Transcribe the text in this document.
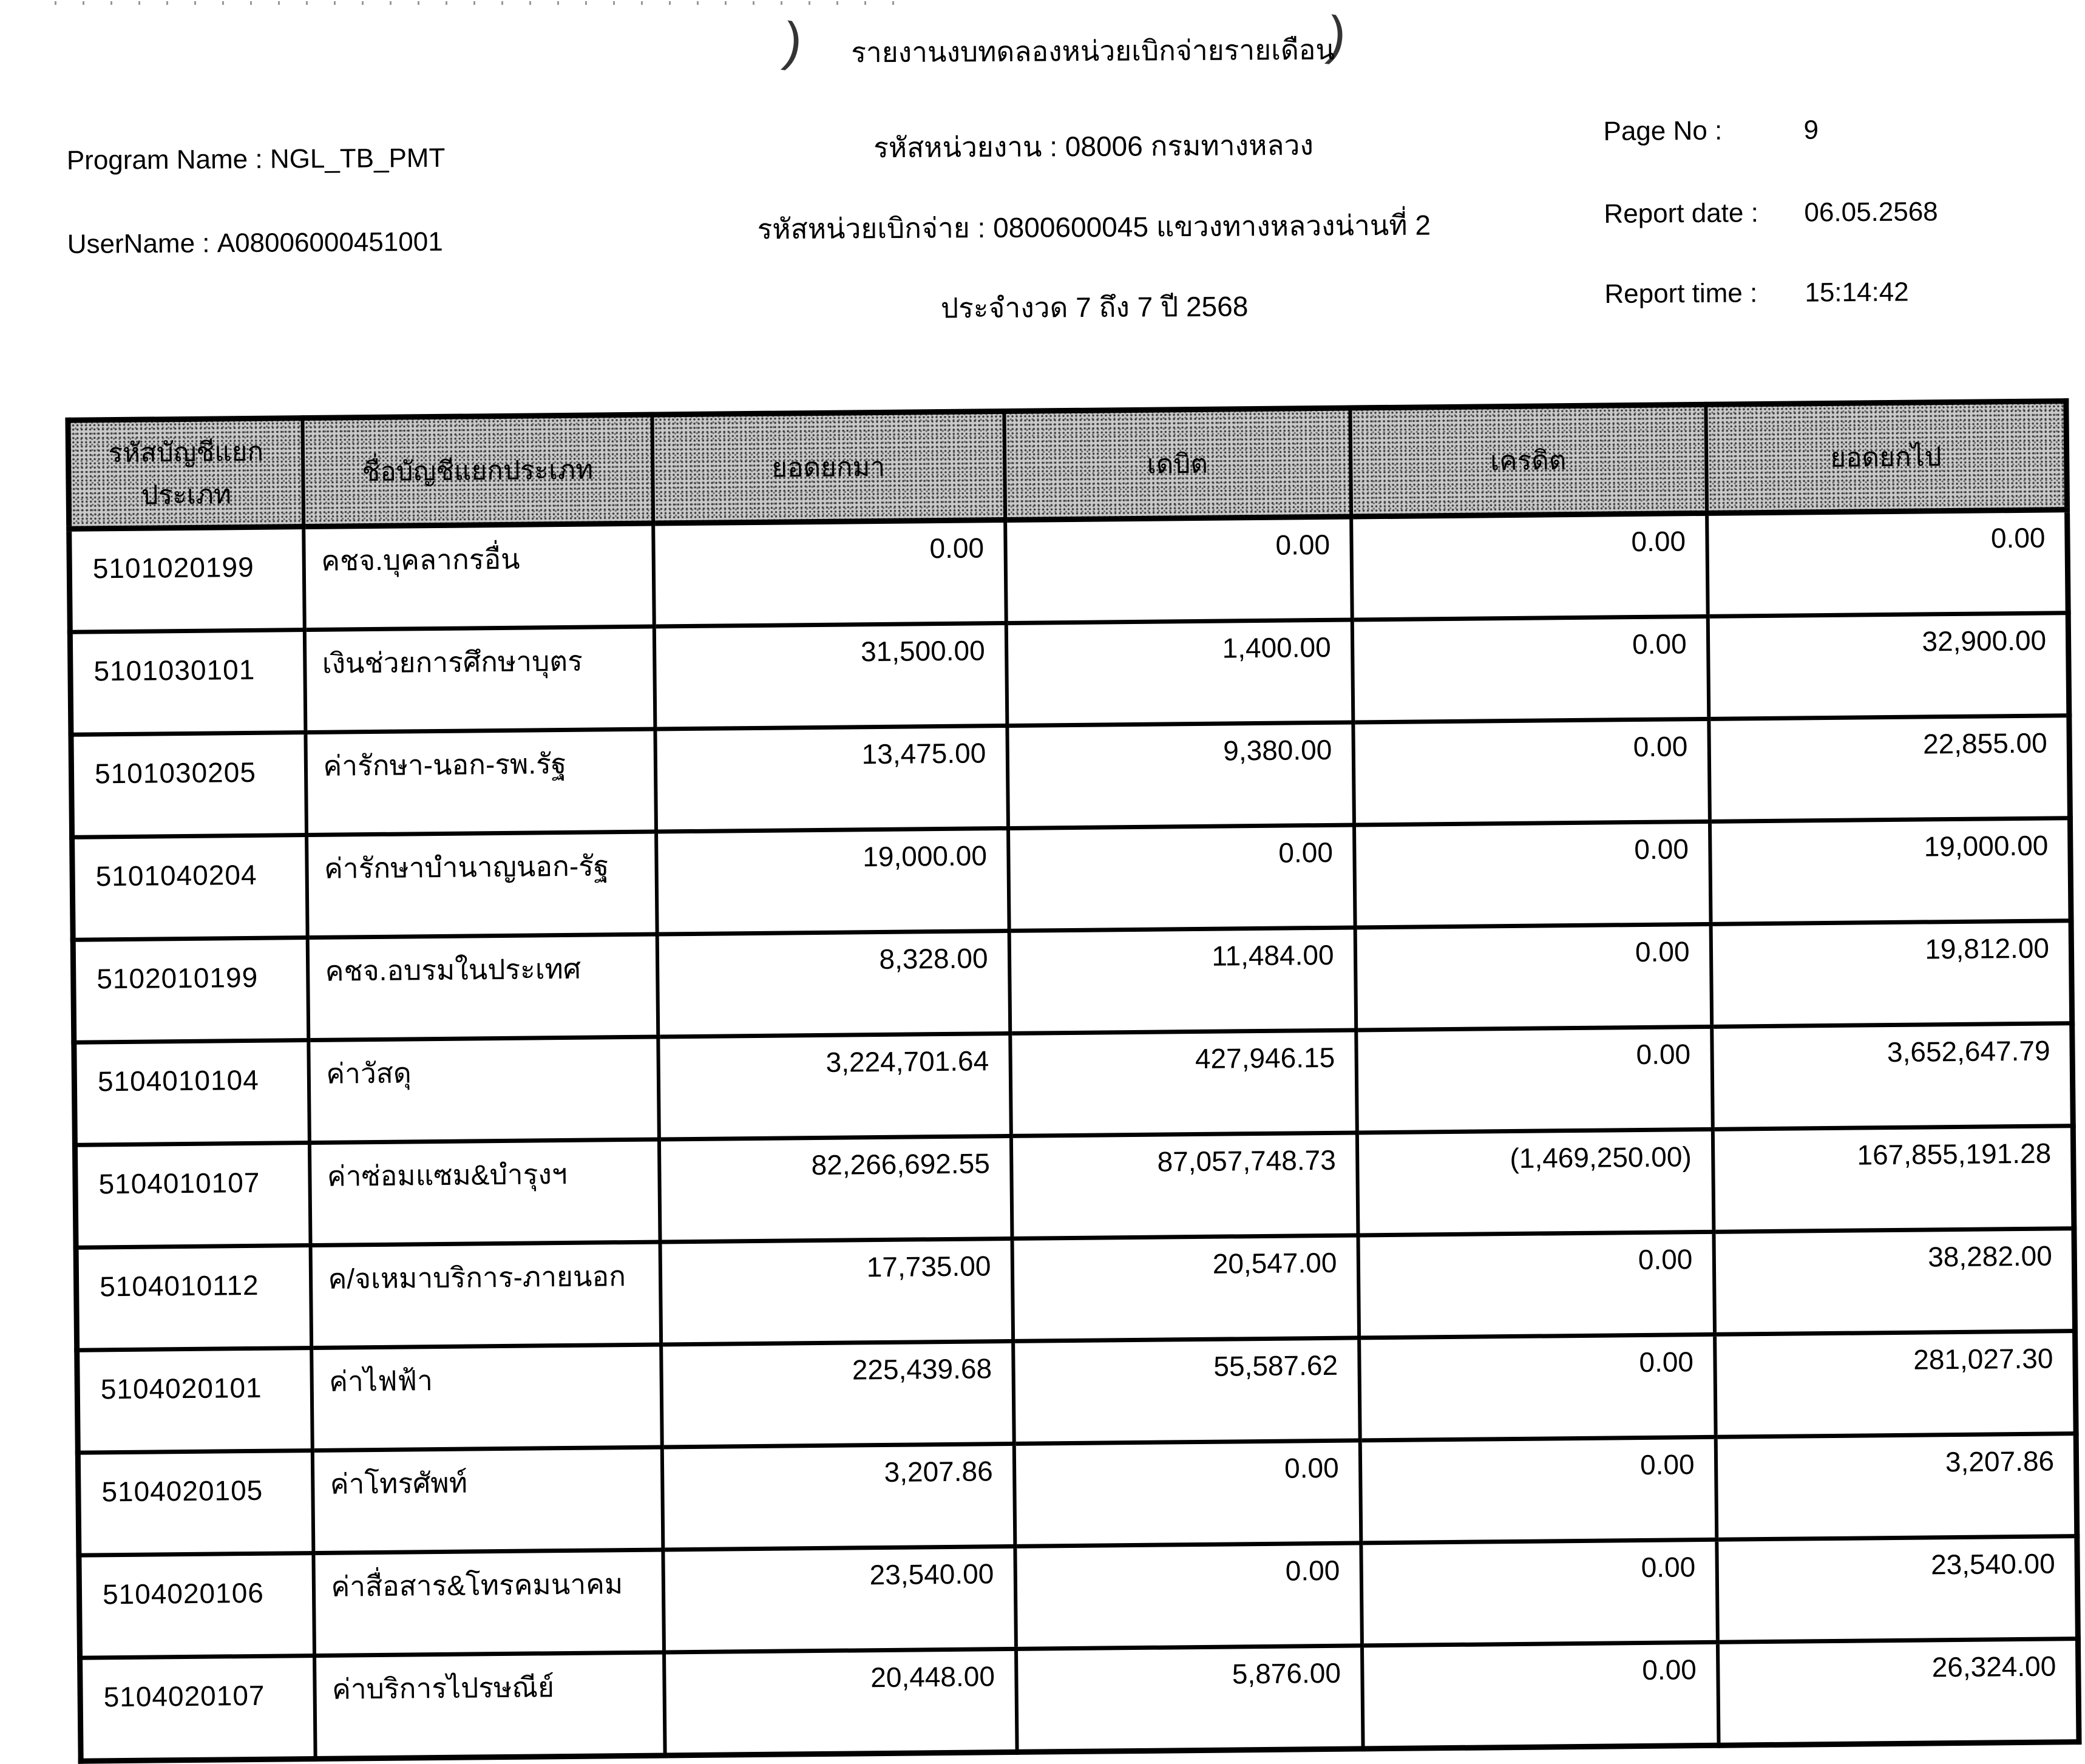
)	)
รายงานงบทดลองหน่วยเบิกจ่ายรายเดือน
รหัสหน่วยงาน : 08006 กรมทางหลวง
รหัสหน่วยเบิกจ่าย : 0800600045 แขวงทางหลวงน่านที่ 2
ประจำงวด 7 ถึง 7 ปี 2568
Program Name : NGL_TB_PMT
UserName : A08006000451001
Page No :	9
Report date : 06.05.2568
Report time : 15:14:42
รหัสบัญชีแยกประเภท	ชื่อบัญชีแยกประเภท	ยอดยกมา	เดบิต	เครดิต	ยอดยกไป
5101020199	คชจ.บุคลากรอื่น	0.00	0.00	0.00	0.00
5101030101	เงินช่วยการศึกษาบุตร	31,500.00	1,400.00	0.00	32,900.00
5101030205	ค่ารักษา-นอก-รพ.รัฐ	13,475.00	9,380.00	0.00	22,855.00
5101040204	ค่ารักษาบำนาญนอก-รัฐ	19,000.00	0.00	0.00	19,000.00
5102010199	คชจ.อบรมในประเทศ	8,328.00	11,484.00	0.00	19,812.00
5104010104	ค่าวัสดุ	3,224,701.64	427,946.15	0.00	3,652,647.79
5104010107	ค่าซ่อมแซม&บำรุงฯ	82,266,692.55	87,057,748.73	(1,469,250.00)	167,855,191.28
5104010112	ค/จเหมาบริการ-ภายนอก	17,735.00	20,547.00	0.00	38,282.00
5104020101	ค่าไฟฟ้า	225,439.68	55,587.62	0.00	281,027.30
5104020105	ค่าโทรศัพท์	3,207.86	0.00	0.00	3,207.86
5104020106	ค่าสื่อสาร&โทรคมนาคม	23,540.00	0.00	0.00	23,540.00
5104020107	ค่าบริการไปรษณีย์	20,448.00	5,876.00	0.00	26,324.00
